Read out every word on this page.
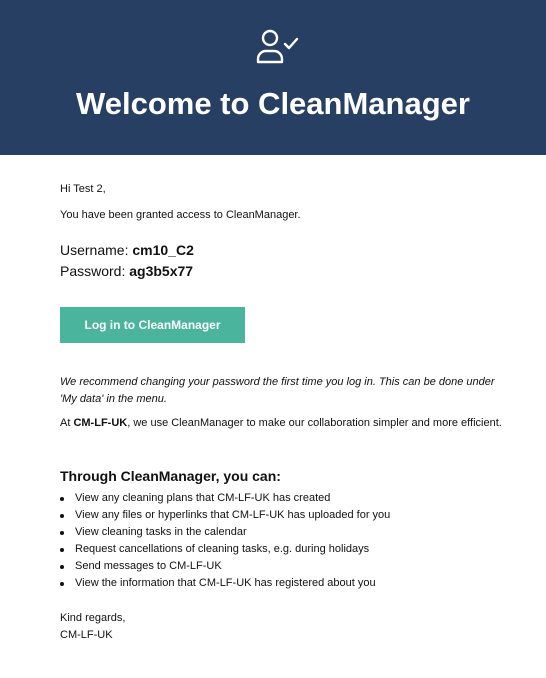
Welcome to CleanManager
Hi Test 2,
You have been granted access to CleanManager.
Username: cm10_C2
Password: ag3b5x77
Log in to CleanManager
We recommend changing your password the first time you log in. This can be done under 'My data' in the menu.
At CM-LF-UK, we use CleanManager to make our collaboration simpler and more efficient.
Through CleanManager, you can:
View any cleaning plans that CM-LF-UK has created
View any files or hyperlinks that CM-LF-UK has uploaded for you
View cleaning tasks in the calendar
Request cancellations of cleaning tasks, e.g. during holidays
Send messages to CM-LF-UK
View the information that CM-LF-UK has registered about you
Kind regards,
CM-LF-UK
